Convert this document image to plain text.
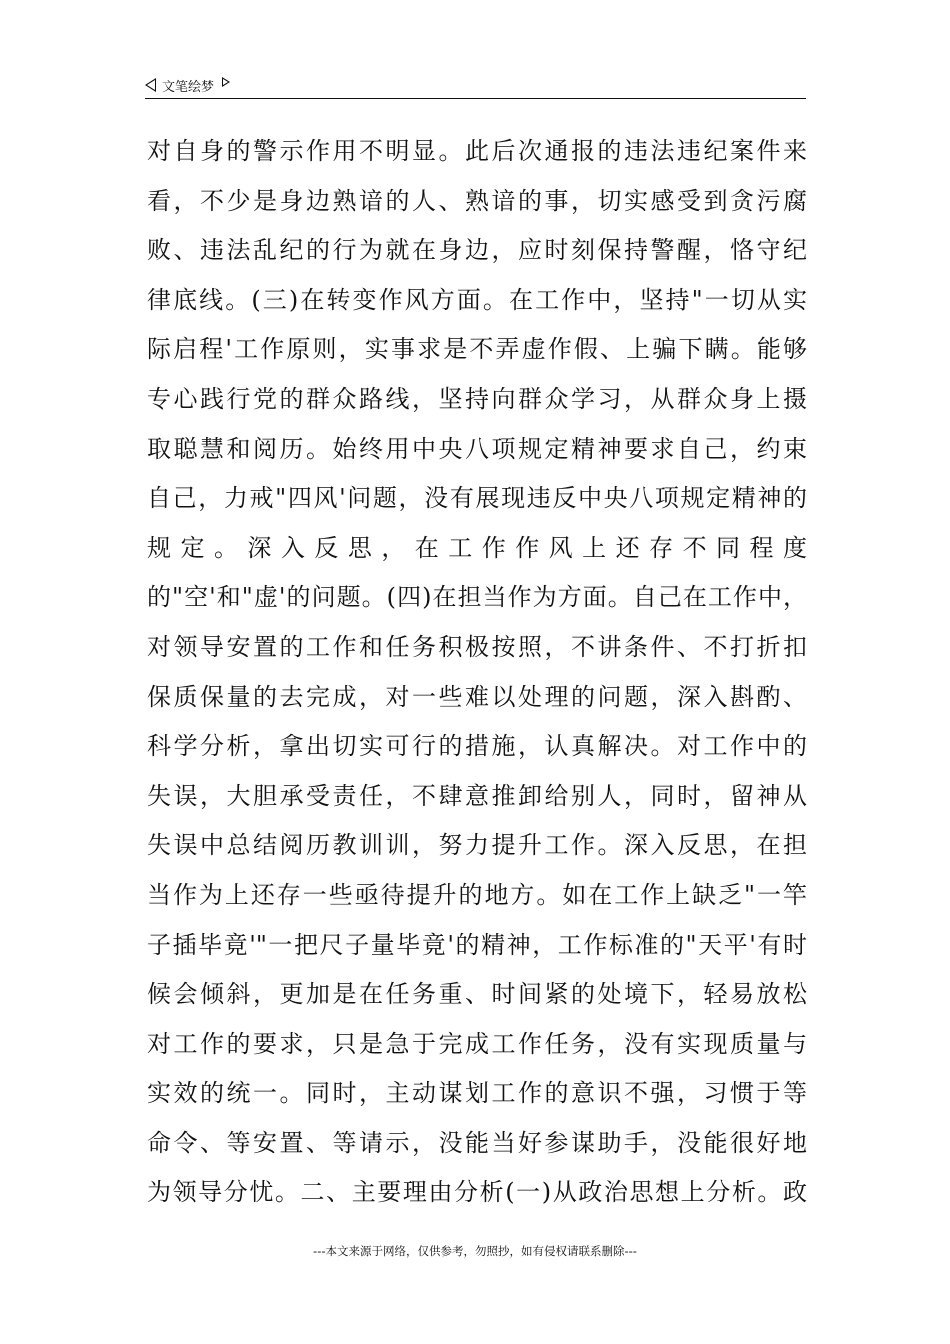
文笔绘梦
对自身的警示作用不明显。此后次通报的违法违纪案件来
看，不少是身边熟谙的人、熟谙的事，切实感受到贪污腐
败、违法乱纪的行为就在身边，应时刻保持警醒，恪守纪
律底线。(三)在转变作风方面。在工作中，坚持"一切从实
际启程'工作原则，实事求是不弄虚作假、上骗下瞒。能够
专心践行党的群众路线，坚持向群众学习，从群众身上摄
取聪慧和阅历。始终用中央八项规定精神要求自己，约束
自己，力戒"四风'问题，没有展现违反中央八项规定精神的
规定。深入反思，在工作作风上还存不同程度
的"空'和"虚'的问题。(四)在担当作为方面。自己在工作中，
对领导安置的工作和任务积极按照，不讲条件、不打折扣
保质保量的去完成，对一些难以处理的问题，深入斟酌、
科学分析，拿出切实可行的措施，认真解决。对工作中的
失误，大胆承受责任，不肆意推卸给别人，同时，留神从
失误中总结阅历教训训，努力提升工作。深入反思，在担
当作为上还存一些亟待提升的地方。如在工作上缺乏"一竿
子插毕竟'"一把尺子量毕竟'的精神，工作标准的"天平'有时
候会倾斜，更加是在任务重、时间紧的处境下，轻易放松
对工作的要求，只是急于完成工作任务，没有实现质量与
实效的统一。同时，主动谋划工作的意识不强，习惯于等
命令、等安置、等请示，没能当好参谋助手，没能很好地
为领导分忧。二、主要理由分析(一)从政治思想上分析。政
---本文来源于网络，仅供参考，勿照抄，如有侵权请联系删除---
